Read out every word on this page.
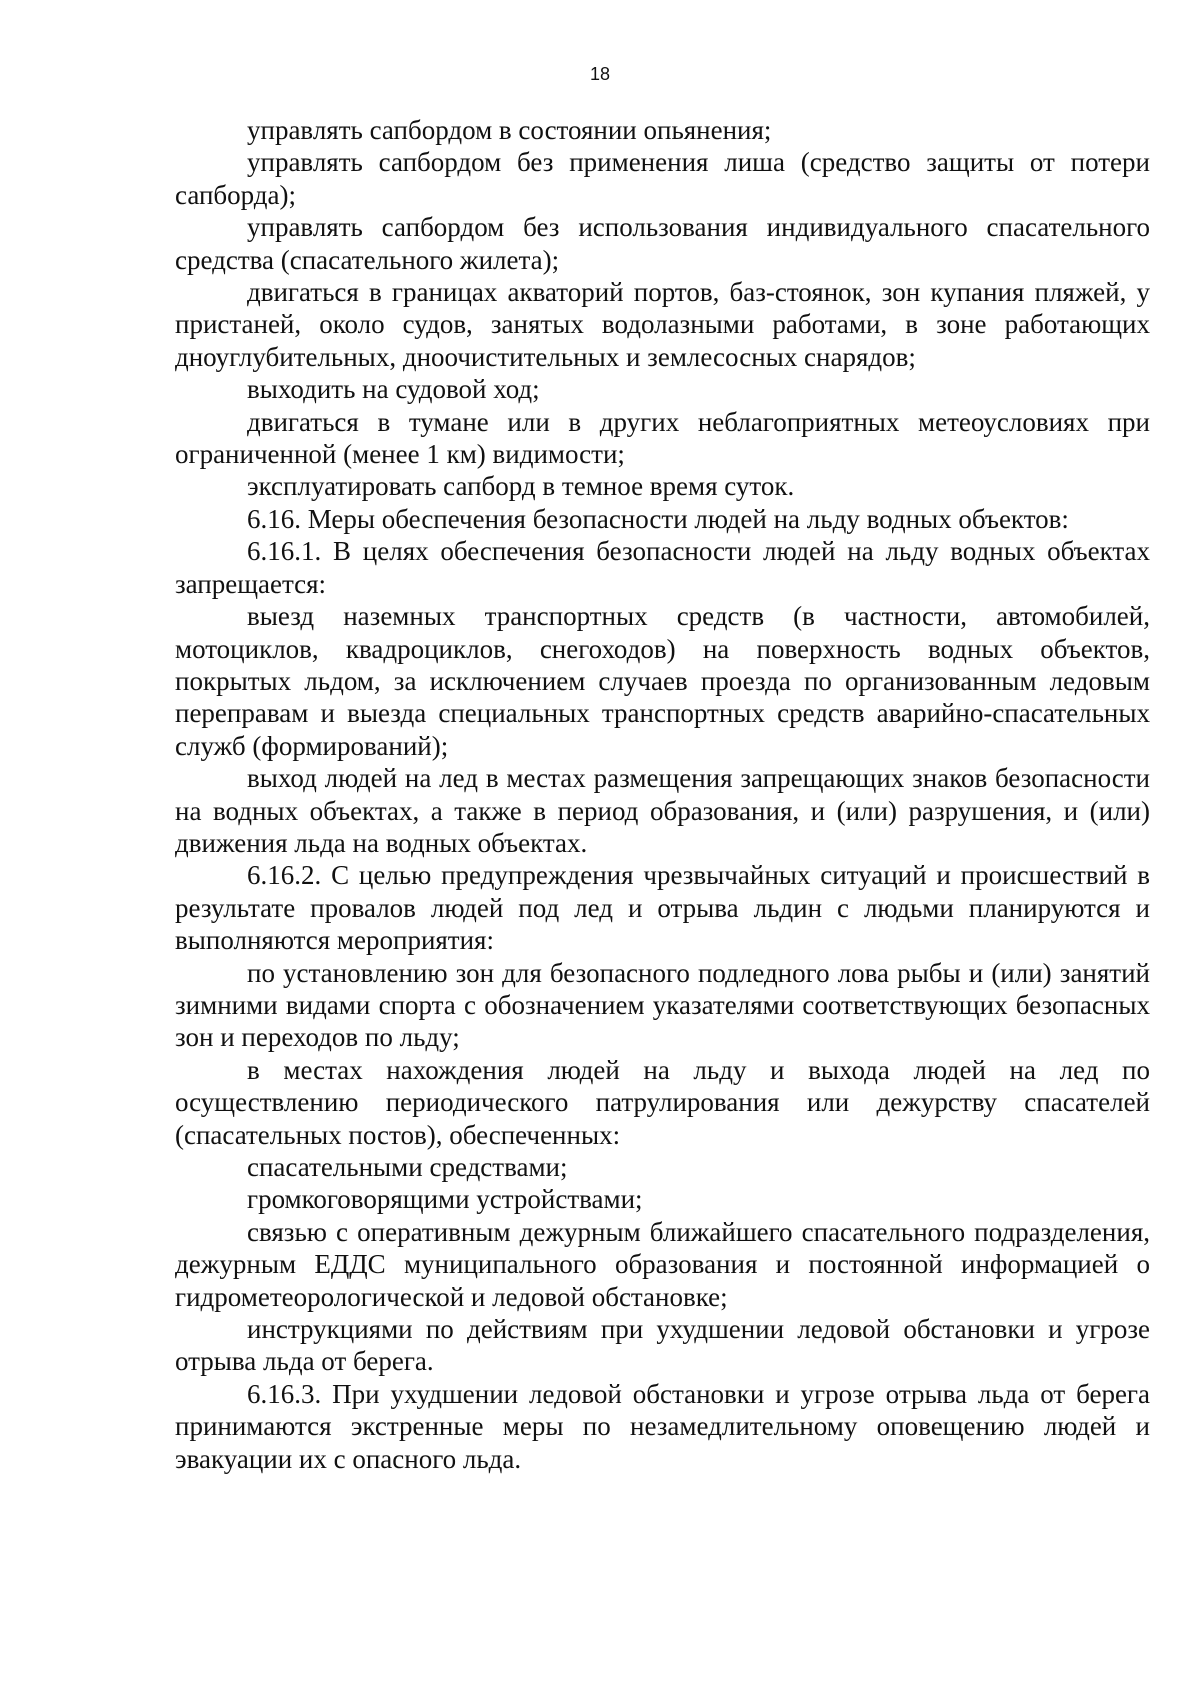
18

управлять сапбордом в состоянии опьянения;

управлять сапбордом без применения лиша (средство защиты от потери сапборда);

управлять сапбордом без использования индивидуального спасательного средства (спасательного жилета);

двигаться в границах акваторий портов, баз-стоянок, зон купания пляжей, у пристаней, около судов, занятых водолазными работами, в зоне работающих дноуглубительных, дноочистительных и землесосных снарядов;

выходить на судовой ход;

двигаться в тумане или в других неблагоприятных метеоусловиях при ограниченной (менее 1 км) видимости;

эксплуатировать сапборд в темное время суток.

6.16. Меры обеспечения безопасности людей на льду водных объектов:

6.16.1. В целях обеспечения безопасности людей на льду водных объектах запрещается:

выезд наземных транспортных средств (в частности, автомобилей, мотоциклов, квадроциклов, снегоходов) на поверхность водных объектов, покрытых льдом, за исключением случаев проезда по организованным ледовым переправам и выезда специальных транспортных средств аварийно-спасательных служб (формирований);

выход людей на лед в местах размещения запрещающих знаков безопасности на водных объектах, а также в период образования, и (или) разрушения, и (или) движения льда на водных объектах.

6.16.2. С целью предупреждения чрезвычайных ситуаций и происшествий в результате провалов людей под лед и отрыва льдин с людьми планируются и выполняются мероприятия:

по установлению зон для безопасного подледного лова рыбы и (или) занятий зимними видами спорта с обозначением указателями соответствующих безопасных зон и переходов по льду;

в местах нахождения людей на льду и выхода людей на лед по осуществлению периодического патрулирования или дежурству спасателей (спасательных постов), обеспеченных:

спасательными средствами;

громкоговорящими устройствами;

связью с оперативным дежурным ближайшего спасательного подразделения, дежурным ЕДДС муниципального образования и постоянной информацией о гидрометеорологической и ледовой обстановке;

инструкциями по действиям при ухудшении ледовой обстановки и угрозе отрыва льда от берега.

6.16.3. При ухудшении ледовой обстановки и угрозе отрыва льда от берега принимаются экстренные меры по незамедлительному оповещению людей и эвакуации их с опасного льда.
